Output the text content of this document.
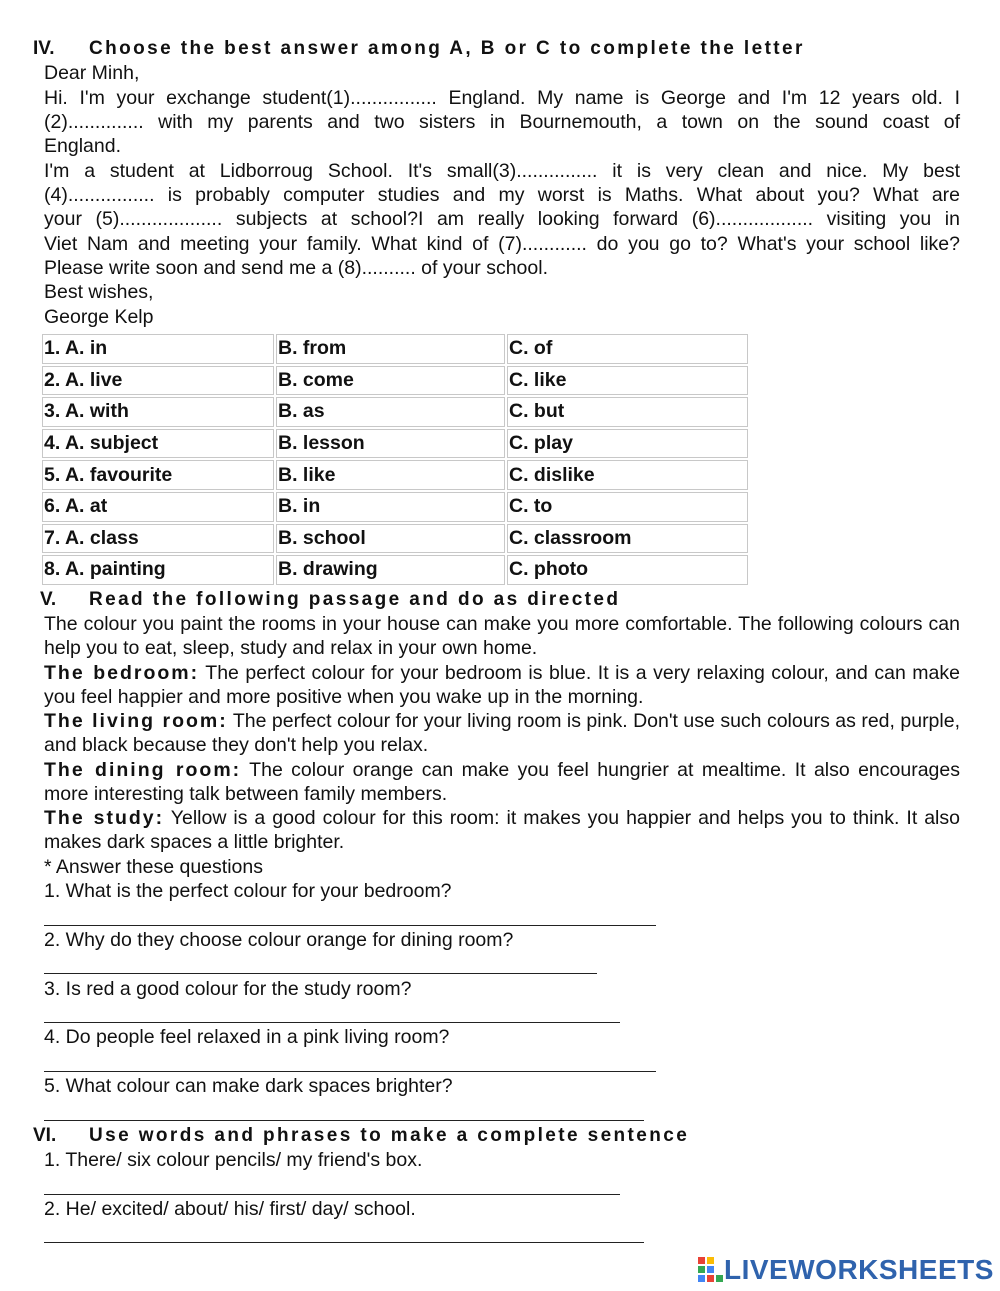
IV. Choose the best answer among A, B or C to complete the letter
Dear Minh,
Hi. I'm your exchange student(1)................ England. My name is George and I'm 12 years old. I
(2).............. with my parents and two sisters in Bournemouth, a town on the sound coast of
England.
I'm a student at Lidborroug School. It's small(3)............... it is very clean and nice. My best
(4)................ is probably computer studies and my worst is Maths. What about you? What are
your (5)................... subjects at school?I am really looking forward (6).................. visiting you in
Viet Nam and meeting your family. What kind of (7)............ do you go to? What's your school like?
Please write soon and send me a (8).......... of your school.
Best wishes,
George Kelp
1. A. in	B. from	C. of
2. A. live	B. come	C. like
3. A. with	B. as	C. but
4. A. subject	B. lesson	C. play
5. A. favourite	B. like	C. dislike
6. A. at	B. in	C. to
7. A. class	B. school	C. classroom
8. A. painting	B. drawing	C. photo
V. Read the following passage and do as directed
The colour you paint the rooms in your house can make you more comfortable. The following colours can help you to eat, sleep, study and relax in your own home.
The bedroom: The perfect colour for your bedroom is blue. It is a very relaxing colour, and can make you feel happier and more positive when you wake up in the morning.
The living room: The perfect colour for your living room is pink. Don't use such colours as red, purple, and black because they don't help you relax.
The dining room: The colour orange can make you feel hungrier at mealtime. It also encourages more interesting talk between family members.
The study: Yellow is a good colour for this room: it makes you happier and helps you to think. It also makes dark spaces a little brighter.
* Answer these questions
1. What is the perfect colour for your bedroom?
2. Why do they choose colour orange for dining room?
3. Is red a good colour for the study room?
4. Do people feel relaxed in a pink living room?
5. What colour can make dark spaces brighter?
VI. Use words and phrases to make a complete sentence
1. There/ six colour pencils/ my friend's box.
2. He/ excited/ about/ his/ first/ day/ school.
LIVEWORKSHEETS
